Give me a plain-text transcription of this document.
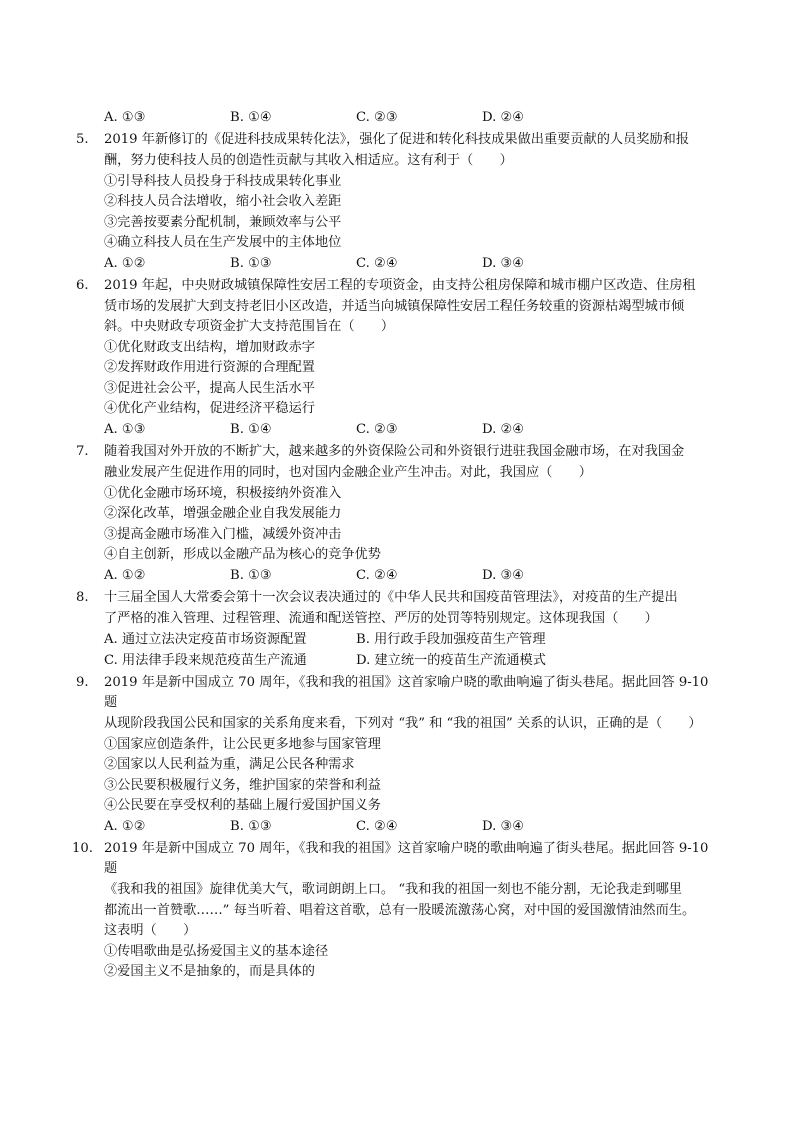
A. ①③	B. ①④	C. ②③	D. ②④
5. 2019 年新修订的《促进科技成果转化法》，强化了促进和转化科技成果做出重要贡献的人员奖励和报
酬，努力使科技人员的创造性贡献与其收入相适应。这有利于（　　）
①引导科技人员投身于科技成果转化事业
②科技人员合法增收，缩小社会收入差距
③完善按要素分配机制，兼顾效率与公平
④确立科技人员在生产发展中的主体地位
A. ①②	B. ①③	C. ②④	D. ③④
6. 2019 年起，中央财政城镇保障性安居工程的专项资金，由支持公租房保障和城市棚户区改造、住房租
赁市场的发展扩大到支持老旧小区改造，并适当向城镇保障性安居工程任务较重的资源枯竭型城市倾
斜。中央财政专项资金扩大支持范围旨在（　　）
①优化财政支出结构，增加财政赤字
②发挥财政作用进行资源的合理配置
③促进社会公平，提高人民生活水平
④优化产业结构，促进经济平稳运行
A. ①③	B. ①④	C. ②③	D. ②④
7. 随着我国对外开放的不断扩大，越来越多的外资保险公司和外资银行进驻我国金融市场，在对我国金
融业发展产生促进作用的同时，也对国内金融企业产生冲击。对此，我国应（　　）
①优化金融市场环境，积极接纳外资准入
②深化改革，增强金融企业自我发展能力
③提高金融市场准入门槛，减缓外资冲击
④自主创新，形成以金融产品为核心的竞争优势
A. ①②	B. ①③	C. ②④	D. ③④
8. 十三届全国人大常委会第十一次会议表决通过的《中华人民共和国疫苗管理法》，对疫苗的生产提出
了严格的准入管理、过程管理、流通和配送管控、严厉的处罚等特别规定。这体现我国（　　）
A. 通过立法决定疫苗市场资源配置	B. 用行政手段加强疫苗生产管理
C. 用法律手段来规范疫苗生产流通	D. 建立统一的疫苗生产流通模式
9. 2019 年是新中国成立 70 周年，《我和我的祖国》这首家喻户晓的歌曲响遍了街头巷尾。据此回答 9-10
题
从现阶段我国公民和国家的关系角度来看，下列对 “我” 和 “我的祖国” 关系的认识，正确的是（　　）
①国家应创造条件，让公民更多地参与国家管理
②国家以人民利益为重，满足公民各种需求
③公民要积极履行义务，维护国家的荣誉和利益
④公民要在享受权利的基础上履行爱国护国义务
A. ①②	B. ①③	C. ②④	D. ③④
10. 2019 年是新中国成立 70 周年，《我和我的祖国》这首家喻户晓的歌曲响遍了街头巷尾。据此回答 9-10
题
《我和我的祖国》旋律优美大气，歌词朗朗上口。 “我和我的祖国一刻也不能分割，无论我走到哪里
都流出一首赞歌……” 每当听着、唱着这首歌，总有一股暖流激荡心窝，对中国的爱国激情油然而生。
这表明（　　）
①传唱歌曲是弘扬爱国主义的基本途径
②爱国主义不是抽象的，而是具体的
